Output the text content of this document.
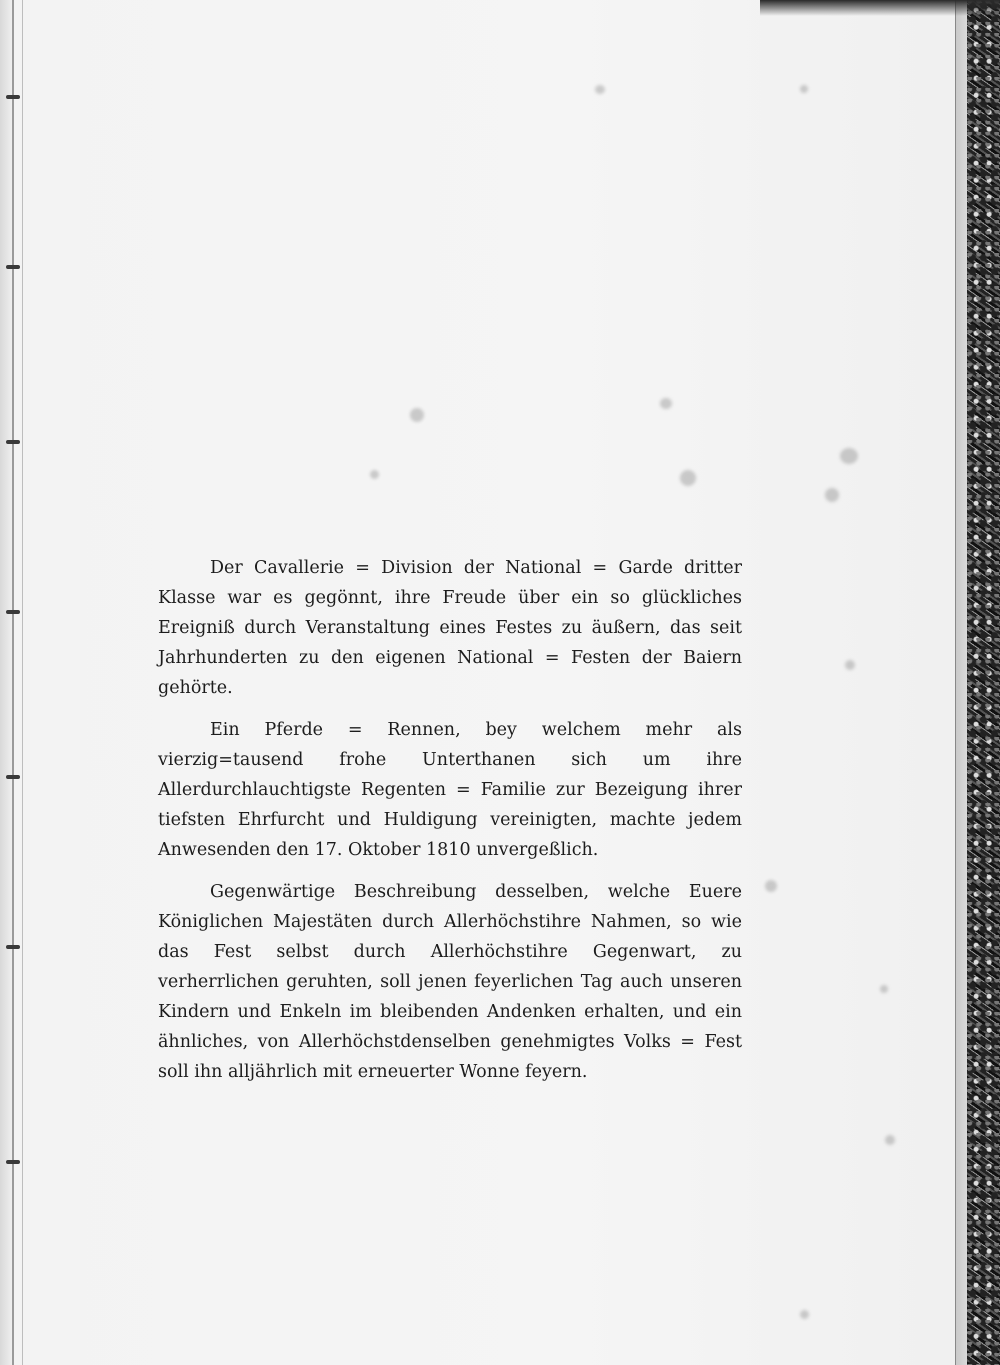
Der Cavallerie = Division der National = Garde dritter Klasse war es gegönnt, ihre Freude über ein so glückliches Ereigniß durch Veranstaltung eines Festes zu äußern, das seit Jahrhunderten zu den eigenen National = Festen der Baiern gehörte.

Ein Pferde = Rennen, bey welchem mehr als vierzig=tausend frohe Unterthanen sich um ihre Allerdurchlauchtigste Regenten = Familie zur Bezeigung ihrer tiefsten Ehrfurcht und Huldigung vereinigten, machte jedem Anwesenden den 17. Oktober 1810 unvergeßlich.

Gegenwärtige Beschreibung desselben, welche Euere Königlichen Majestäten durch Allerhöchstihre Nahmen, so wie das Fest selbst durch Allerhöchstihre Gegenwart, zu verherrlichen geruhten, soll jenen feyerlichen Tag auch unseren Kindern und Enkeln im bleibenden Andenken erhalten, und ein ähnliches, von Allerhöchstdenselben genehmigtes Volks = Fest soll ihn alljährlich mit erneuerter Wonne feyern.
